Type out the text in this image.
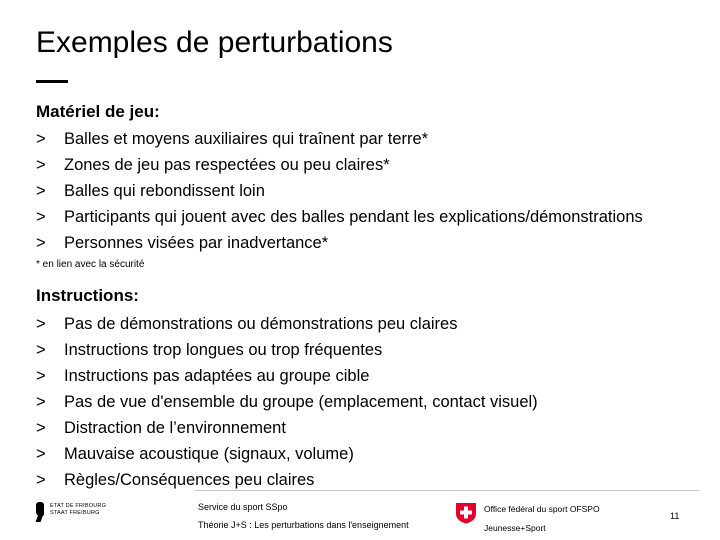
Exemples de perturbations
Matériel de jeu:
>	Balles et moyens auxiliaires qui traînent par terre*
>	Zones de jeu pas respectées ou peu claires*
>	Balles qui rebondissent loin
>	Participants qui jouent avec des balles pendant les explications/démonstrations
>	Personnes visées par inadvertance*
* en lien avec la sécurité
Instructions:
>	Pas de démonstrations ou démonstrations peu claires
>	Instructions trop longues ou trop fréquentes
>	Instructions pas adaptées au groupe cible
>	Pas de vue d'ensemble du groupe (emplacement, contact visuel)
>	Distraction de l’environnement
>	Mauvaise acoustique (signaux, volume)
>	Règles/Conséquences peu claires
ETAT DE FRIBOURG
STAAT FREIBURG
Service du sport SSpo
Théorie J+S : Les perturbations dans l'enseignement
Office fédéral du sport OFSPO
Jeunesse+Sport
11
